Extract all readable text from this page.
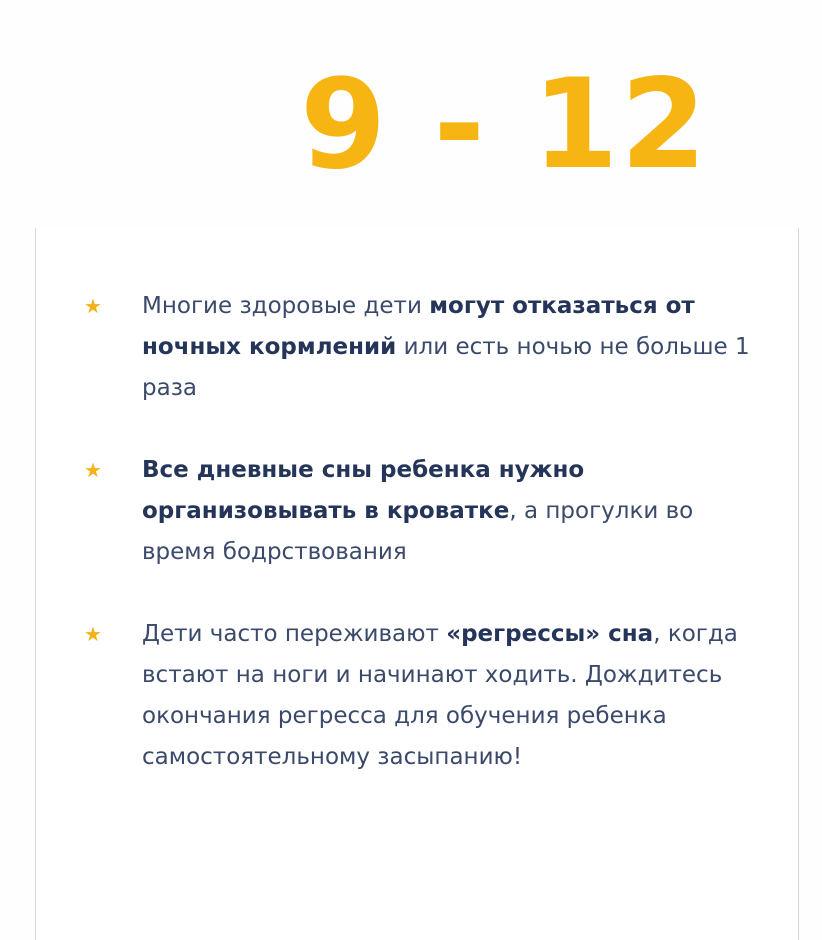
9 - 12
★ Многие здоровые дети могут отказаться от ночных кормлений или есть ночью не больше 1 раза
★ Все дневные сны ребенка нужно организовывать в кроватке, а прогулки во время бодрствования
★ Дети часто переживают «регрессы» сна, когда встают на ноги и начинают ходить. Дождитесь окончания регресса для обучения ребенка самостоятельному засыпанию!
